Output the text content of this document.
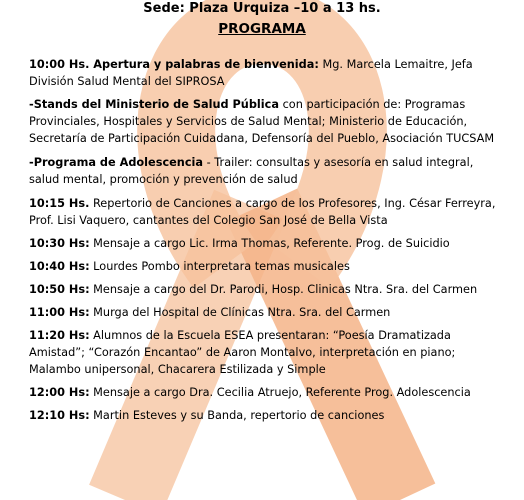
Sede: Plaza Urquiza –10 a 13 hs.
PROGRAMA
10:00 Hs. Apertura y palabras de bienvenida: Mg. Marcela Lemaitre, Jefa División Salud Mental del SIPROSA
-Stands del Ministerio de Salud Pública con participación de: Programas Provinciales, Hospitales y Servicios de Salud Mental; Ministerio de Educación, Secretaría de Participación Cuidadana, Defensoría del Pueblo, Asociación TUCSAM
-Programa de Adolescencia - Trailer: consultas y asesoría en salud integral, salud mental, promoción y prevención de salud
10:15 Hs. Repertorio de Canciones a cargo de los Profesores, Ing. César Ferreyra, Prof. Lisi Vaquero, cantantes del Colegio San José de Bella Vista
10:30 Hs: Mensaje a cargo Lic. Irma Thomas, Referente. Prog. de Suicidio
10:40 Hs: Lourdes Pombo interpretara temas musicales
10:50 Hs: Mensaje a cargo del Dr. Parodi, Hosp. Clinicas Ntra. Sra. del Carmen
11:00 Hs: Murga del Hospital de Clínicas Ntra. Sra. del Carmen
11:20 Hs: Alumnos de la Escuela ESEA presentaran: “Poesía Dramatizada Amistad”; “Corazón Encantao” de Aaron Montalvo, interpretación en piano; Malambo unipersonal, Chacarera Estilizada y Simple
12:00 Hs: Mensaje a cargo Dra. Cecilia Atruejo, Referente Prog. Adolescencia
12:10 Hs: Martin Esteves y su Banda, repertorio de canciones
